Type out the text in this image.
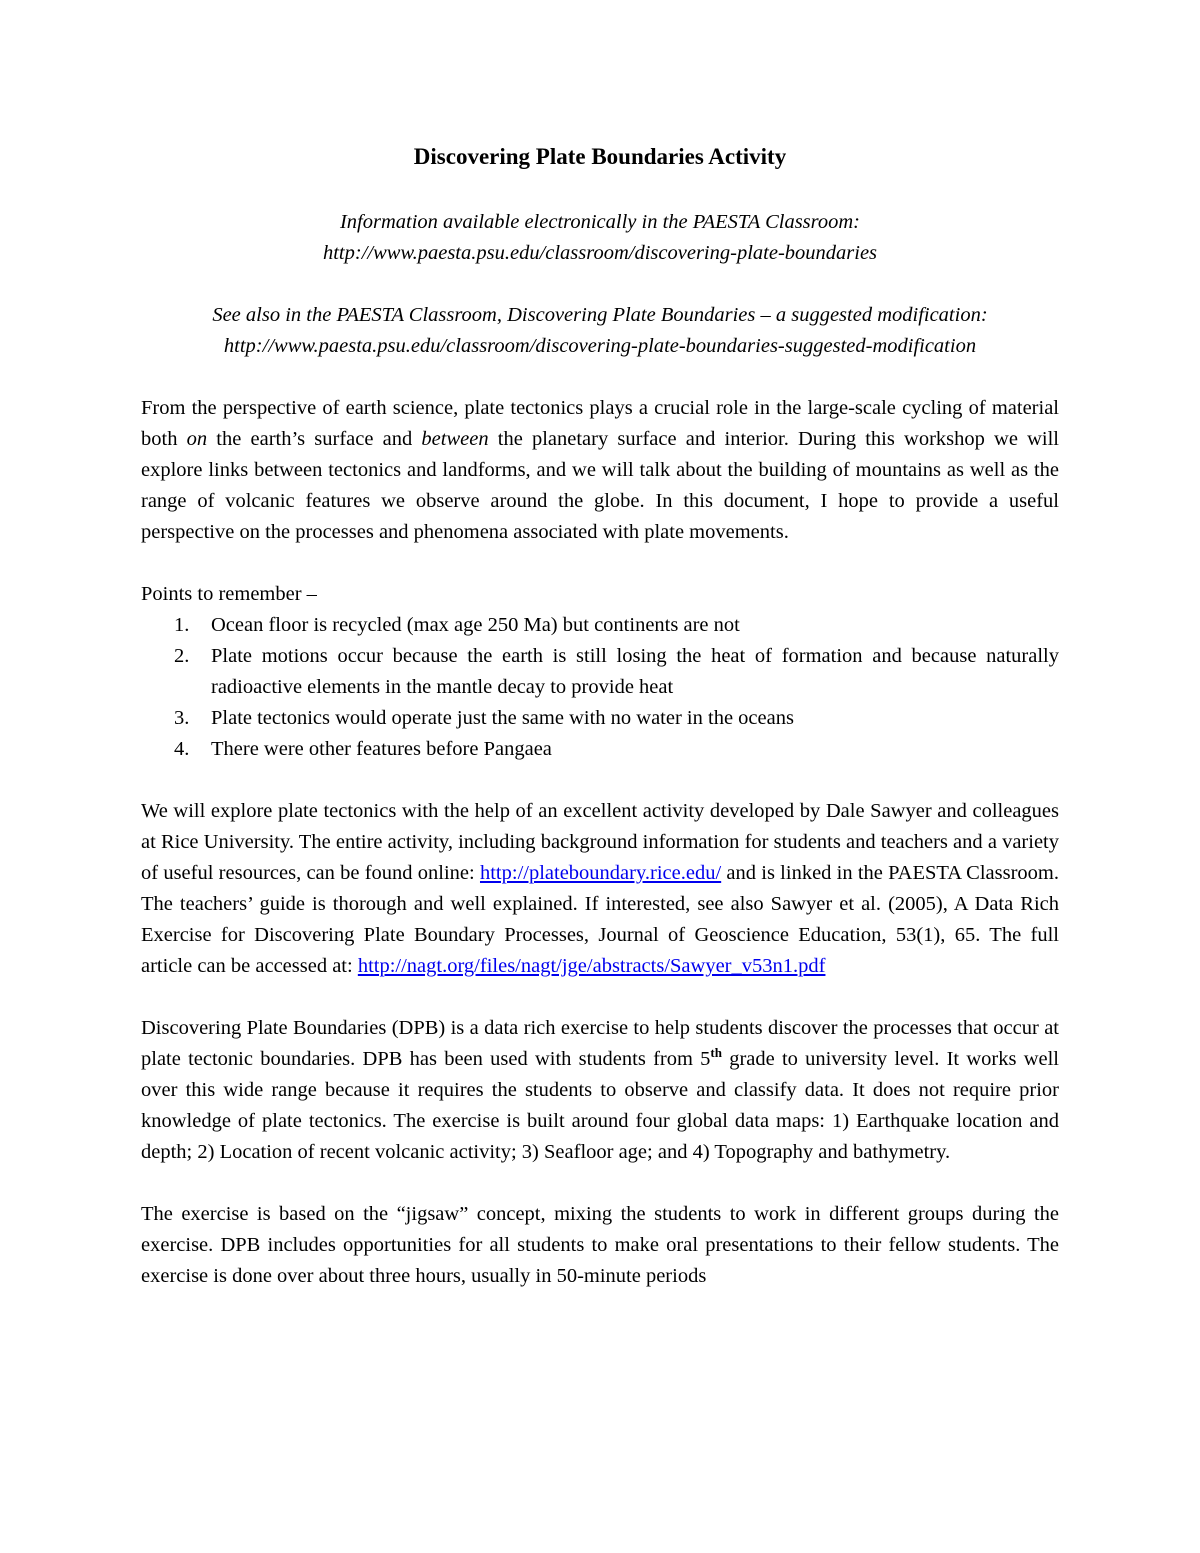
Discovering Plate Boundaries Activity
Information available electronically in the PAESTA Classroom:
http://www.paesta.psu.edu/classroom/discovering-plate-boundaries
See also in the PAESTA Classroom, Discovering Plate Boundaries – a suggested modification:
http://www.paesta.psu.edu/classroom/discovering-plate-boundaries-suggested-modification

From the perspective of earth science, plate tectonics plays a crucial role in the large-scale cycling of material both on the earth’s surface and between the planetary surface and interior. During this workshop we will explore links between tectonics and landforms, and we will talk about the building of mountains as well as the range of volcanic features we observe around the globe. In this document, I hope to provide a useful perspective on the processes and phenomena associated with plate movements.

Points to remember –
1. Ocean floor is recycled (max age 250 Ma) but continents are not
2. Plate motions occur because the earth is still losing the heat of formation and because naturally radioactive elements in the mantle decay to provide heat
3. Plate tectonics would operate just the same with no water in the oceans
4. There were other features before Pangaea

We will explore plate tectonics with the help of an excellent activity developed by Dale Sawyer and colleagues at Rice University. The entire activity, including background information for students and teachers and a variety of useful resources, can be found online: http://plateboundary.rice.edu/ and is linked in the PAESTA Classroom. The teachers’ guide is thorough and well explained. If interested, see also Sawyer et al. (2005), A Data Rich Exercise for Discovering Plate Boundary Processes, Journal of Geoscience Education, 53(1), 65. The full article can be accessed at: http://nagt.org/files/nagt/jge/abstracts/Sawyer_v53n1.pdf

Discovering Plate Boundaries (DPB) is a data rich exercise to help students discover the processes that occur at plate tectonic boundaries. DPB has been used with students from 5th grade to university level. It works well over this wide range because it requires the students to observe and classify data. It does not require prior knowledge of plate tectonics. The exercise is built around four global data maps: 1) Earthquake location and depth; 2) Location of recent volcanic activity; 3) Seafloor age; and 4) Topography and bathymetry.

The exercise is based on the “jigsaw” concept, mixing the students to work in different groups during the exercise. DPB includes opportunities for all students to make oral presentations to their fellow students. The exercise is done over about three hours, usually in 50-minute periods
